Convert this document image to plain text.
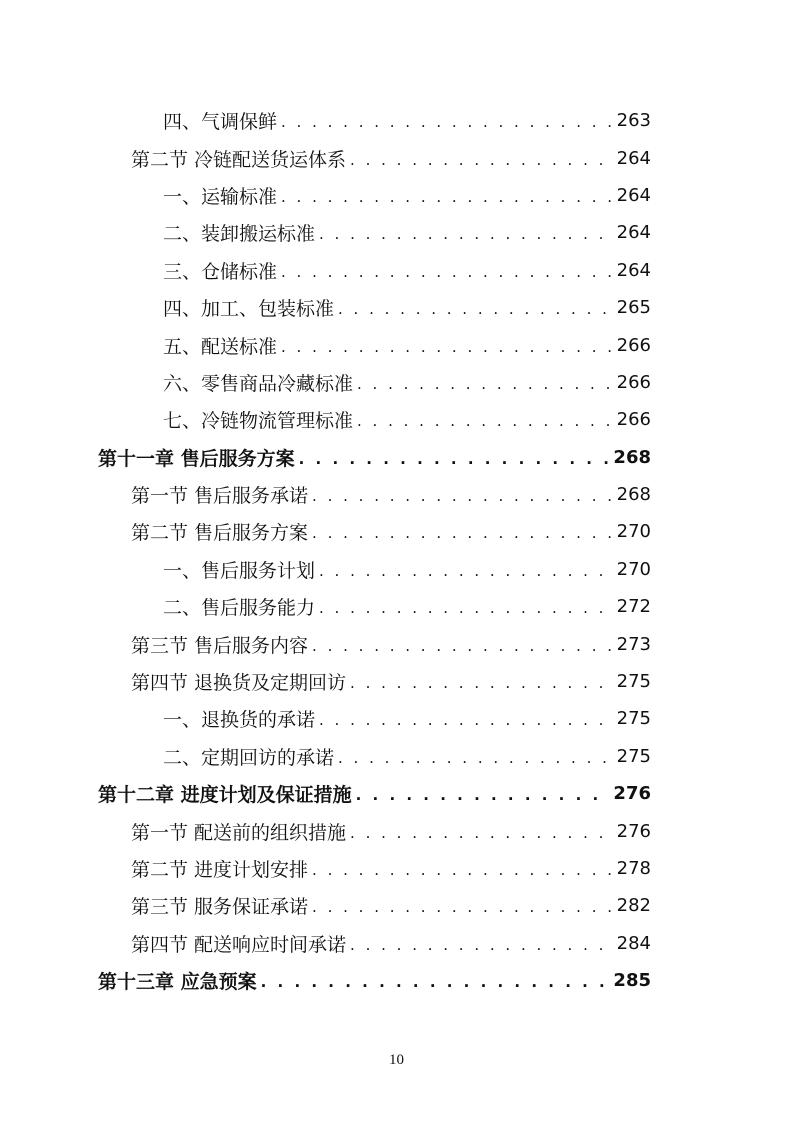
四、气调保鲜 . . .	263
第二节 冷链配送货运体系 . . .	264
一、运输标准 . . .	264
二、装卸搬运标准 . . .	264
三、仓储标准 . . .	264
四、加工、包装标准 . . .	265
五、配送标准 . . .	266
六、零售商品冷藏标准 . . .	266
七、冷链物流管理标准 . . .	266
第十一章 售后服务方案 . . .	268
第一节 售后服务承诺 . . .	268
第二节 售后服务方案 . . .	270
一、售后服务计划 . . .	270
二、售后服务能力 . . .	272
第三节 售后服务内容 . . .	273
第四节 退换货及定期回访 . . .	275
一、退换货的承诺 . . .	275
二、定期回访的承诺 . . .	275
第十二章 进度计划及保证措施 . . .	276
第一节 配送前的组织措施 . . .	276
第二节 进度计划安排 . . .	278
第三节 服务保证承诺 . . .	282
第四节 配送响应时间承诺 . . .	284
第十三章 应急预案 . . .	285
10
